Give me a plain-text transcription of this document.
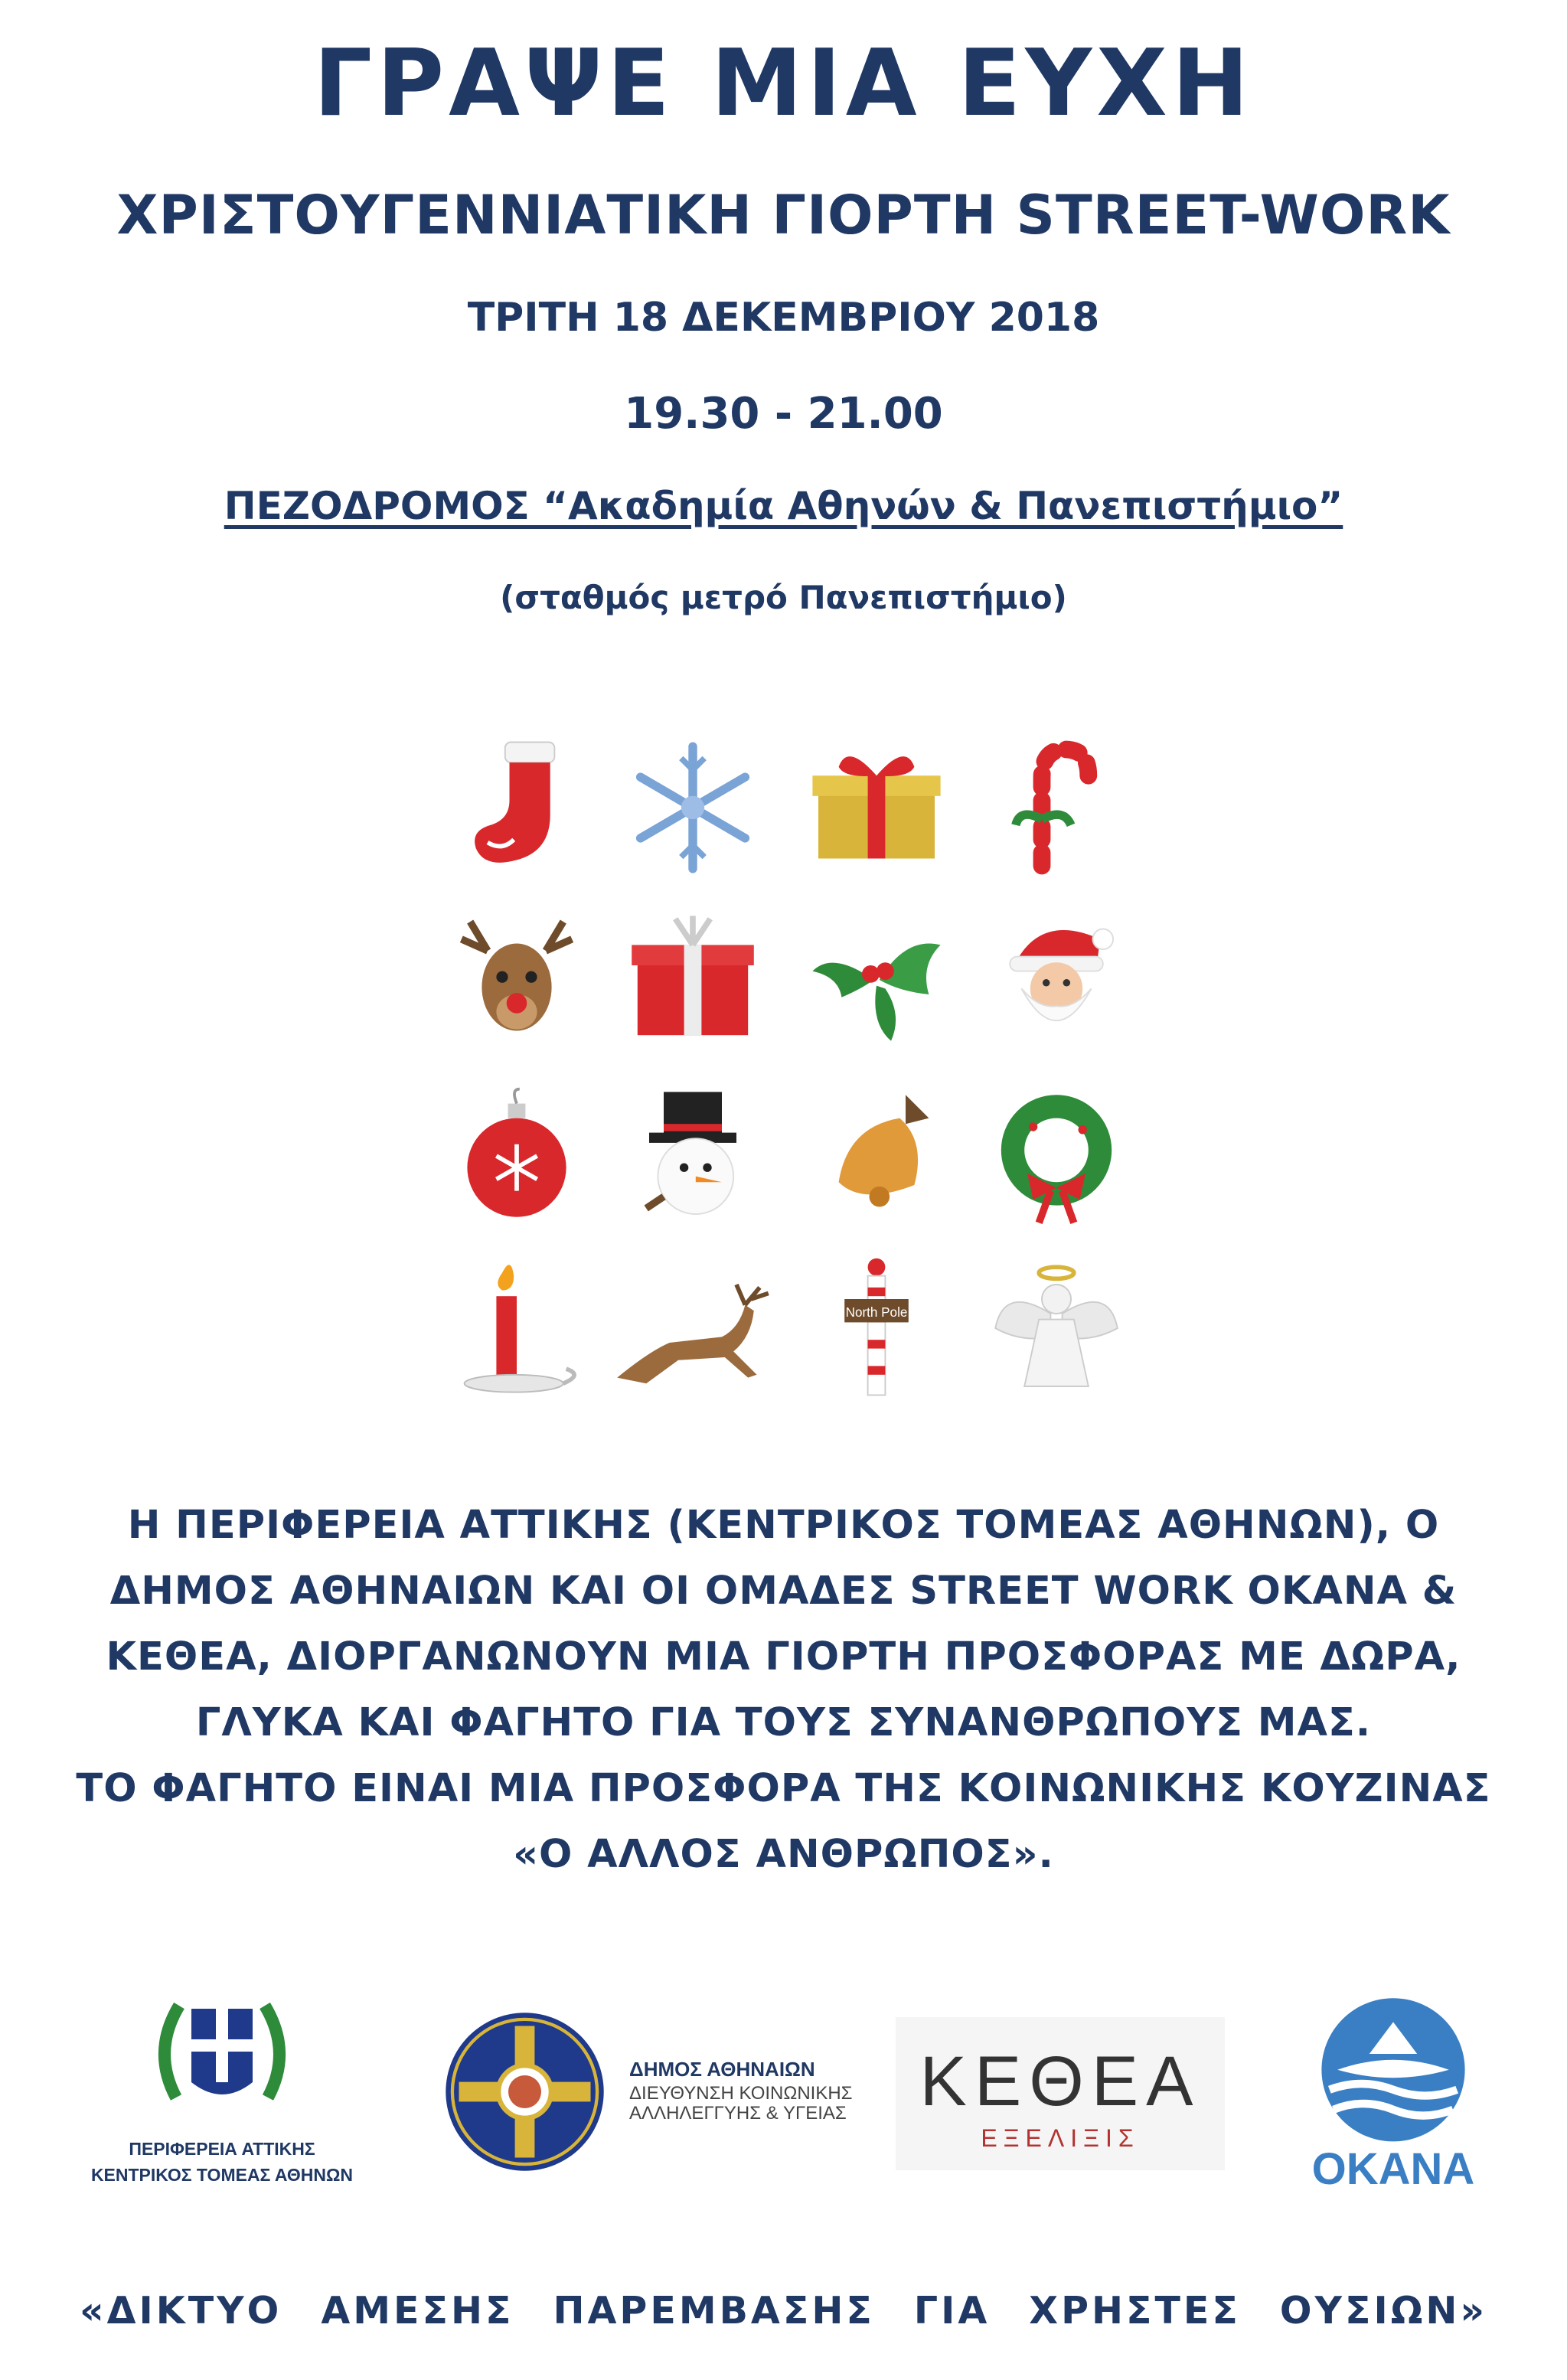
ΓΡΑΨΕ ΜΙΑ ΕΥΧΗ
ΧΡΙΣΤΟΥΓΕΝΝΙΑΤΙΚΗ ΓΙΟΡΤΗ STREET-WORK
ΤΡΙΤΗ 18 ΔΕΚΕΜΒΡΙΟΥ 2018
19.30 - 21.00
ΠΕΖΟΔΡΟΜΟΣ “Ακαδημία Αθηνών & Πανεπιστήμιο”
(σταθμός μετρό Πανεπιστήμιο)
North Pole
Η ΠΕΡΙΦΕΡΕΙΑ ΑΤΤΙΚΗΣ (ΚΕΝΤΡΙΚΟΣ ΤΟΜΕΑΣ ΑΘΗΝΩΝ), Ο
ΔΗΜΟΣ ΑΘΗΝΑΙΩΝ ΚΑΙ ΟΙ ΟΜΑΔΕΣ STREET WORK ΟΚΑΝΑ &
ΚΕΘΕΑ, ΔΙΟΡΓΑΝΩΝΟΥΝ ΜΙΑ ΓΙΟΡΤΗ ΠΡΟΣΦΟΡΑΣ ΜΕ ΔΩΡΑ,
ΓΛΥΚΑ ΚΑΙ ΦΑΓΗΤΟ ΓΙΑ ΤΟΥΣ ΣΥΝΑΝΘΡΩΠΟΥΣ ΜΑΣ.
ΤΟ ΦΑΓΗΤΟ ΕΙΝΑΙ ΜΙΑ ΠΡΟΣΦΟΡΑ ΤΗΣ ΚΟΙΝΩΝΙΚΗΣ ΚΟΥΖΙΝΑΣ
«Ο ΑΛΛΟΣ ΑΝΘΡΩΠΟΣ».
ΠΕΡΙΦΕΡΕΙΑ ΑΤΤΙΚΗΣ
ΚΕΝΤΡΙΚΟΣ ΤΟΜΕΑΣ ΑΘΗΝΩΝ
ΔΗΜΟΣ ΑΘΗΝΑΙΩΝ
ΔΙΕΥΘΥΝΣΗ ΚΟΙΝΩΝΙΚΗΣ
ΑΛΛΗΛΕΓΓΥΗΣ & ΥΓΕΙΑΣ	ΚΕΘΕΑ
ΕΞΕΛΙΞΙΣ
OKANA
«ΔΙΚΤΥΟ ΑΜΕΣΗΣ ΠΑΡΕΜΒΑΣΗΣ ΓΙΑ ΧΡΗΣΤΕΣ ΟΥΣΙΩΝ»
